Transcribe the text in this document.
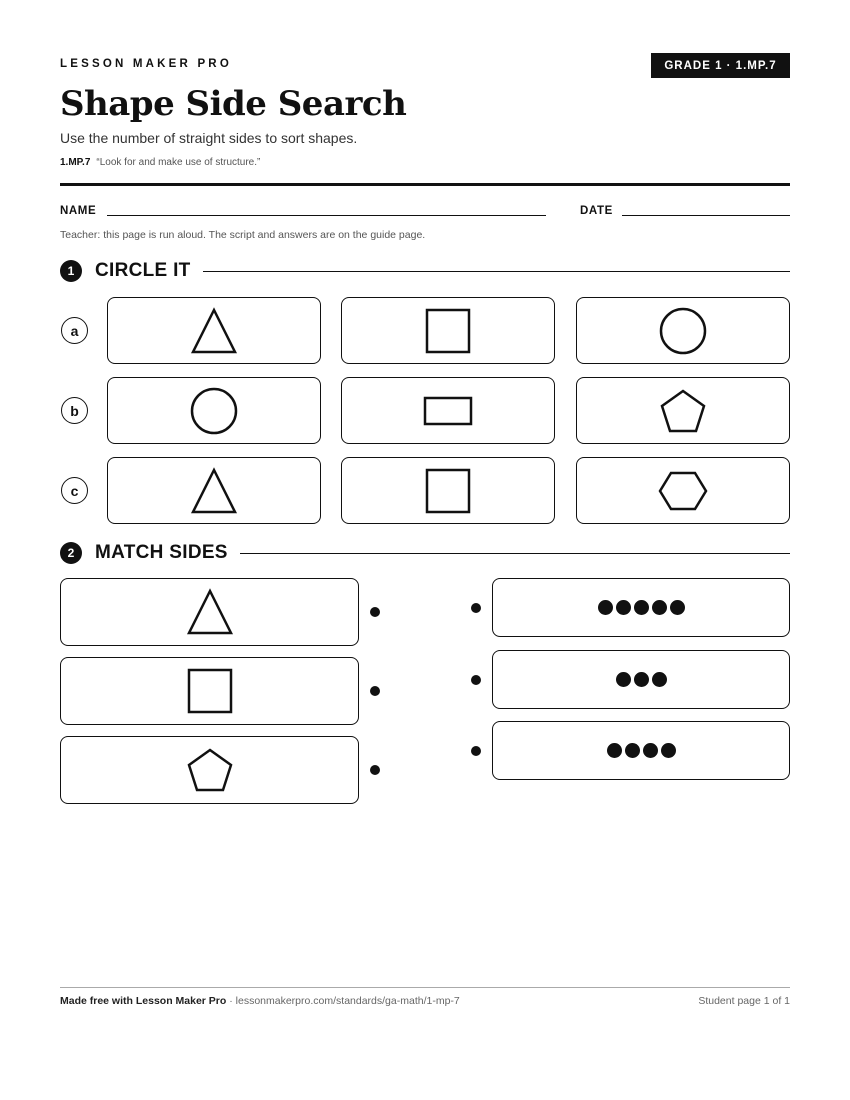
LESSON MAKER PRO	GRADE 1 · 1.MP.7
Shape Side Search
Use the number of straight sides to sort shapes.
1.MP.7 “Look for and make use of structure.”
NAME	DATE
Teacher: this page is run aloud. The script and answers are on the guide page.
1	CIRCLE IT
a
b
c
2	MATCH SIDES
Made free with Lesson Maker Pro · lessonmakerpro.com/standards/ga-math/1-mp-7	Student page 1 of 1
